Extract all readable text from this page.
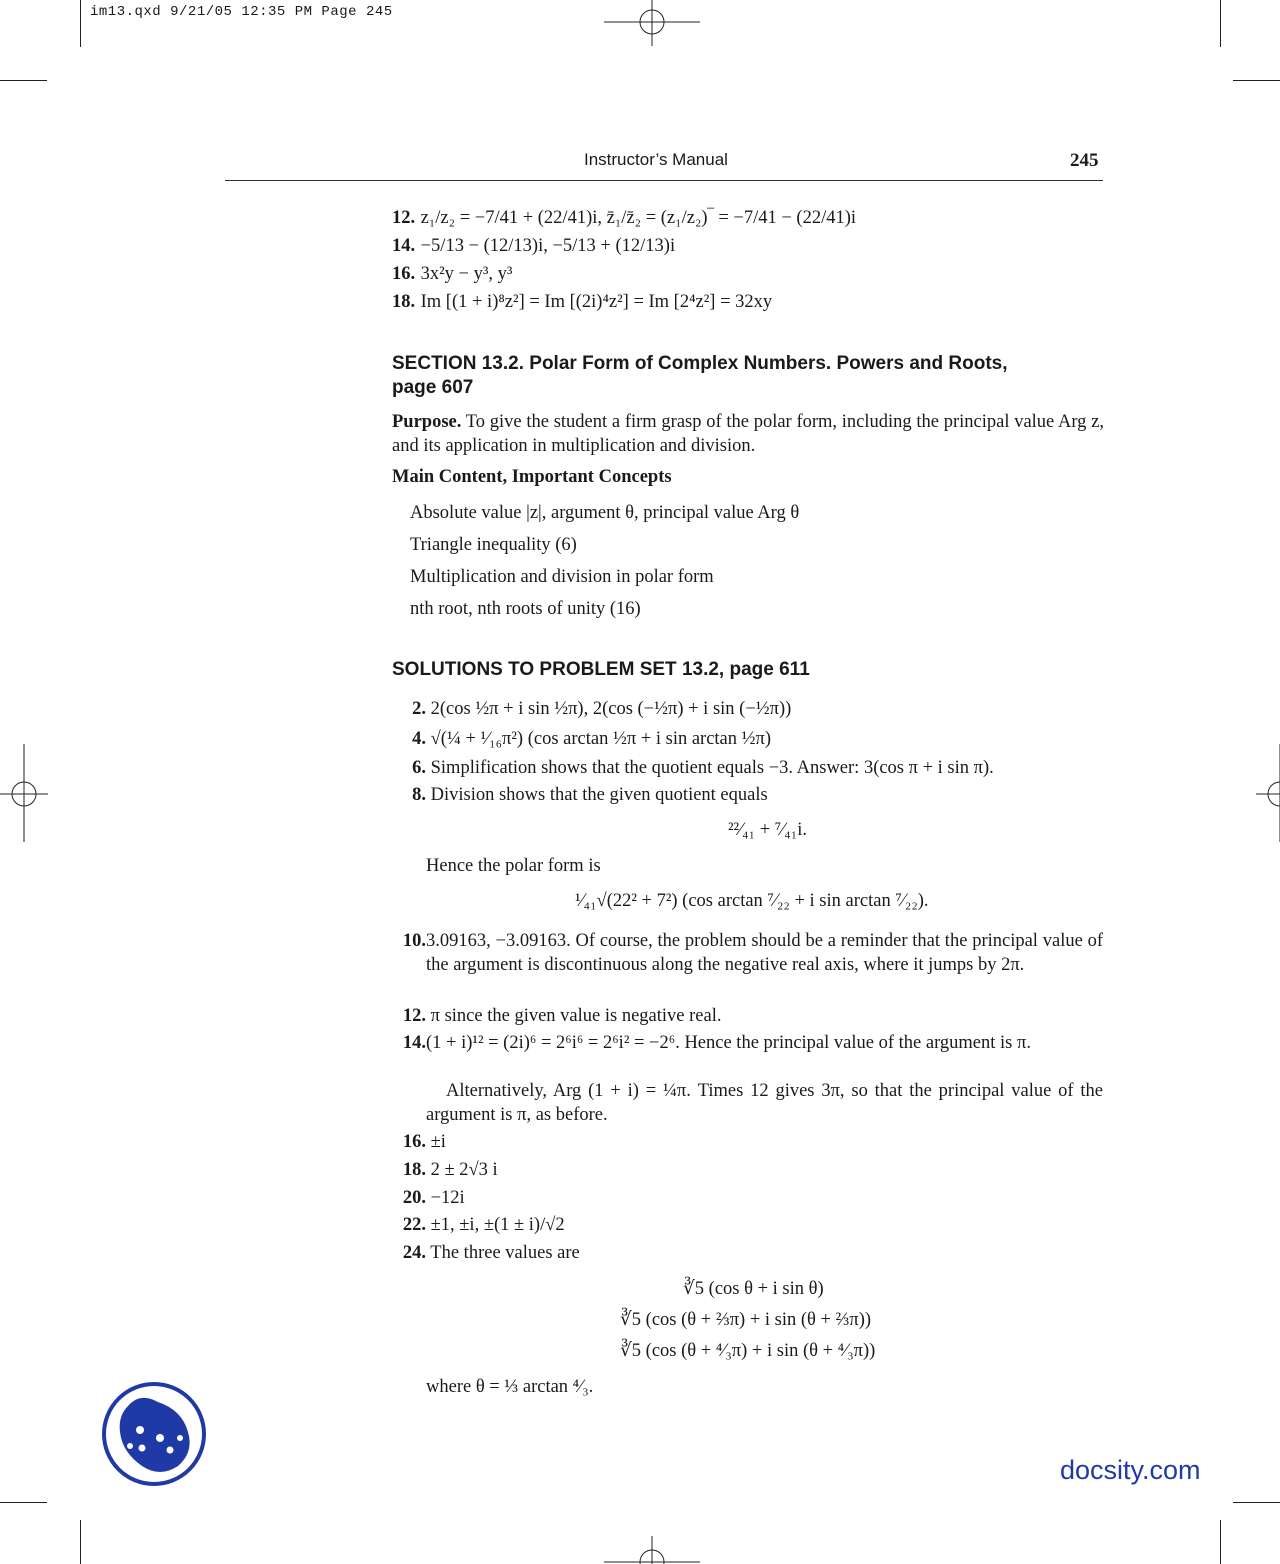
im13.qxd 9/21/05 12:35 PM Page 245
Instructor’s Manual	245
12. z₁/z₂ = −7/41 + (22/41)i, z̄₁/z̄₂ = (z₁/z₂)‾ = −7/41 − (22/41)i
14. −5/13 − (12/13)i, −5/13 + (12/13)i
16. 3x²y − y³, y³
18. Im [(1 + i)⁸z²] = Im [(2i)⁴z²] = Im [2⁴z²] = 32xy
SECTION 13.2. Polar Form of Complex Numbers. Powers and Roots,
page 607
Purpose. To give the student a firm grasp of the polar form, including the principal value Arg z, and its application in multiplication and division.
Main Content, Important Concepts
Absolute value |z|, argument θ, principal value Arg θ
Triangle inequality (6)
Multiplication and division in polar form
nth root, nth roots of unity (16)
SOLUTIONS TO PROBLEM SET 13.2, page 611
2. 2(cos ½π + i sin ½π), 2(cos (−½π) + i sin (−½π))
4. √(¼ + ¹⁄₁₆π²) (cos arctan ½π + i sin arctan ½π)
6. Simplification shows that the quotient equals −3. Answer: 3(cos π + i sin π).
8. Division shows that the given quotient equals
²²⁄₄₁ + ⁷⁄₄₁i.
Hence the polar form is
¹⁄₄₁√(22² + 7²) (cos arctan ⁷⁄₂₂ + i sin arctan ⁷⁄₂₂).
10. 3.09163, −3.09163. Of course, the problem should be a reminder that the principal value of the argument is discontinuous along the negative real axis, where it jumps by 2π.
12. π since the given value is negative real.
14. (1 + i)¹² = (2i)⁶ = 2⁶i⁶ = 2⁶i² = −2⁶. Hence the principal value of the argument is π.
Alternatively, Arg (1 + i) = ¼π. Times 12 gives 3π, so that the principal value of the argument is π, as before.
16. ±i
18. 2 ± 2√3 i
20. −12i
22. ±1, ±i, ±(1 ± i)/√2
24. The three values are
∛5 (cos θ + i sin θ)
∛5 (cos (θ + ⅔π) + i sin (θ + ⅔π))
∛5 (cos (θ + ⁴⁄₃π) + i sin (θ + ⁴⁄₃π))
where θ = ⅓ arctan ⁴⁄₃.
docsity.com
